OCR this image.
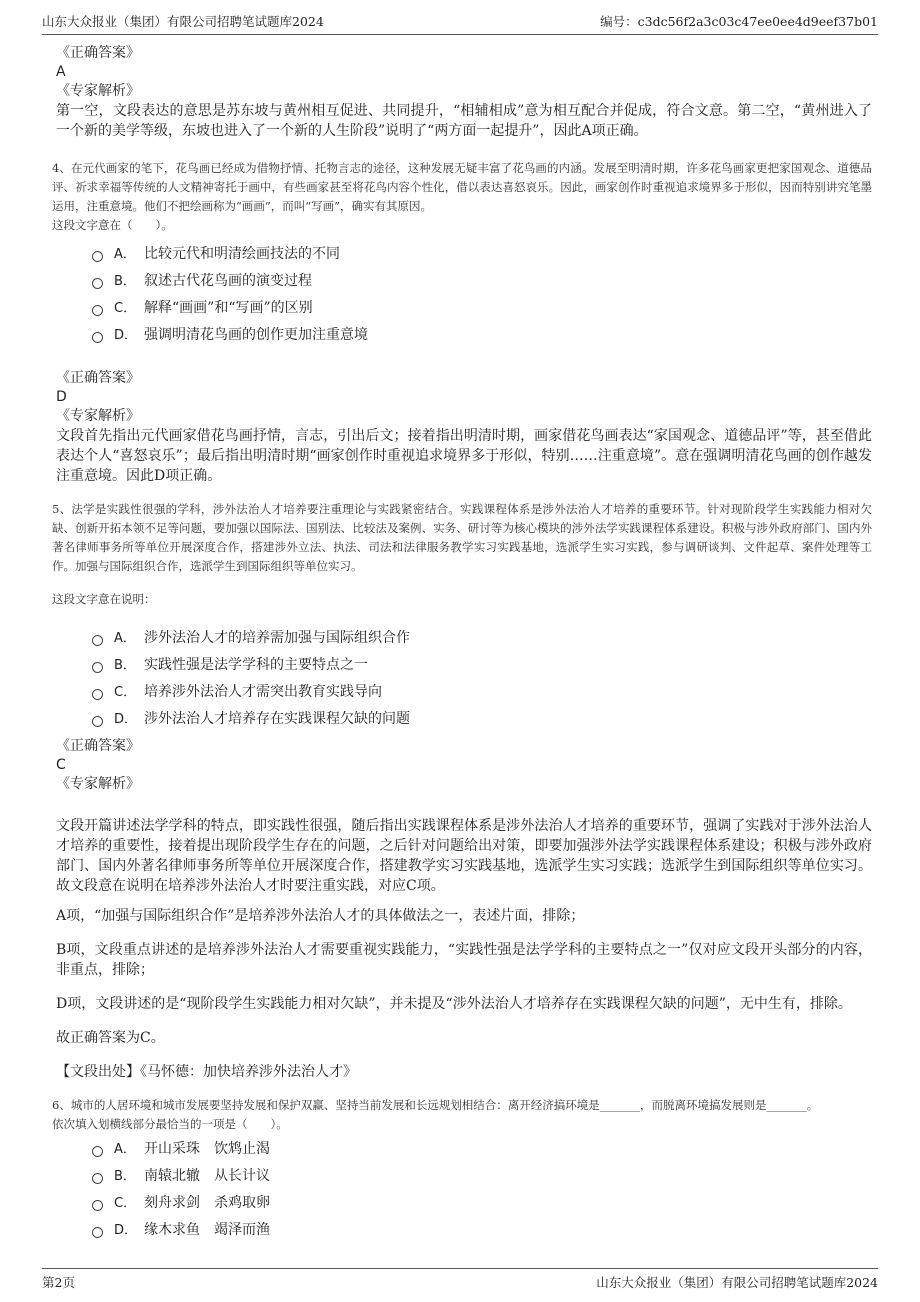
山东大众报业（集团）有限公司招聘笔试题库2024	编号：c3dc56f2a3c03c47ee0ee4d9eef37b01
《正确答案》
A
《专家解析》
第一空，文段表达的意思是苏东坡与黄州相互促进、共同提升，“相辅相成”意为相互配合并促成，符合文意。第二空，“黄州进入了一个新的美学等级，东坡也进入了一个新的人生阶段”说明了“两方面一起提升”，因此A项正确。
4、在元代画家的笔下，花鸟画已经成为借物抒情、托物言志的途径，这种发展无疑丰富了花鸟画的内涵。发展至明清时期，许多花鸟画家更把家国观念、道德品评、祈求幸福等传统的人文精神寄托于画中，有些画家甚至将花鸟内容个性化，借以表达喜怒哀乐。因此，画家创作时重视追求境界多于形似，因而特别讲究笔墨运用，注重意境。他们不把绘画称为“画画”，而叫“写画”，确实有其原因。
这段文字意在（　　）。
A． 比较元代和明清绘画技法的不同
B． 叙述古代花鸟画的演变过程
C． 解释“画画”和“写画”的区别
D． 强调明清花鸟画的创作更加注重意境
《正确答案》
D
《专家解析》
文段首先指出元代画家借花鸟画抒情，言志，引出后文；接着指出明清时期，画家借花鸟画表达“家国观念、道德品评”等，甚至借此表达个人“喜怒哀乐”；最后指出明清时期“画家创作时重视追求境界多于形似，特别……注重意境”。意在强调明清花鸟画的创作越发注重意境。因此D项正确。
5、法学是实践性很强的学科，涉外法治人才培养要注重理论与实践紧密结合。实践课程体系是涉外法治人才培养的重要环节。针对现阶段学生实践能力相对欠缺、创新开拓本领不足等问题，要加强以国际法、国别法、比较法及案例、实务、研讨等为核心模块的涉外法学实践课程体系建设。积极与涉外政府部门、国内外著名律师事务所等单位开展深度合作，搭建涉外立法、执法、司法和法律服务教学实习实践基地，选派学生实习实践，参与调研谈判、文件起草、案件处理等工作。加强与国际组织合作，选派学生到国际组织等单位实习。
这段文字意在说明：
A． 涉外法治人才的培养需加强与国际组织合作
B． 实践性强是法学学科的主要特点之一
C． 培养涉外法治人才需突出教育实践导向
D． 涉外法治人才培养存在实践课程欠缺的问题
《正确答案》
C
《专家解析》
文段开篇讲述法学学科的特点，即实践性很强，随后指出实践课程体系是涉外法治人才培养的重要环节，强调了实践对于涉外法治人才培养的重要性，接着提出现阶段学生存在的问题，之后针对问题给出对策，即要加强涉外法学实践课程体系建设；积极与涉外政府部门、国内外著名律师事务所等单位开展深度合作，搭建教学实习实践基地，选派学生实习实践；选派学生到国际组织等单位实习。故文段意在说明在培养涉外法治人才时要注重实践，对应C项。
A项，“加强与国际组织合作”是培养涉外法治人才的具体做法之一，表述片面，排除；
B项，文段重点讲述的是培养涉外法治人才需要重视实践能力，“实践性强是法学学科的主要特点之一”仅对应文段开头部分的内容，非重点，排除；
D项，文段讲述的是“现阶段学生实践能力相对欠缺”，并未提及“涉外法治人才培养存在实践课程欠缺的问题”，无中生有，排除。
故正确答案为C。
【文段出处】《马怀德：加快培养涉外法治人才》
6、城市的人居环境和城市发展要坚持发展和保护双赢、坚持当前发展和长远规划相结合：离开经济搞环境是_______，而脱离环境搞发展则是_______。
依次填入划横线部分最恰当的一项是（　　）。
A． 开山采珠　饮鸩止渴
B． 南辕北辙　从长计议
C． 刻舟求剑　杀鸡取卵
D． 缘木求鱼　竭泽而渔
第2页	山东大众报业（集团）有限公司招聘笔试题库2024
